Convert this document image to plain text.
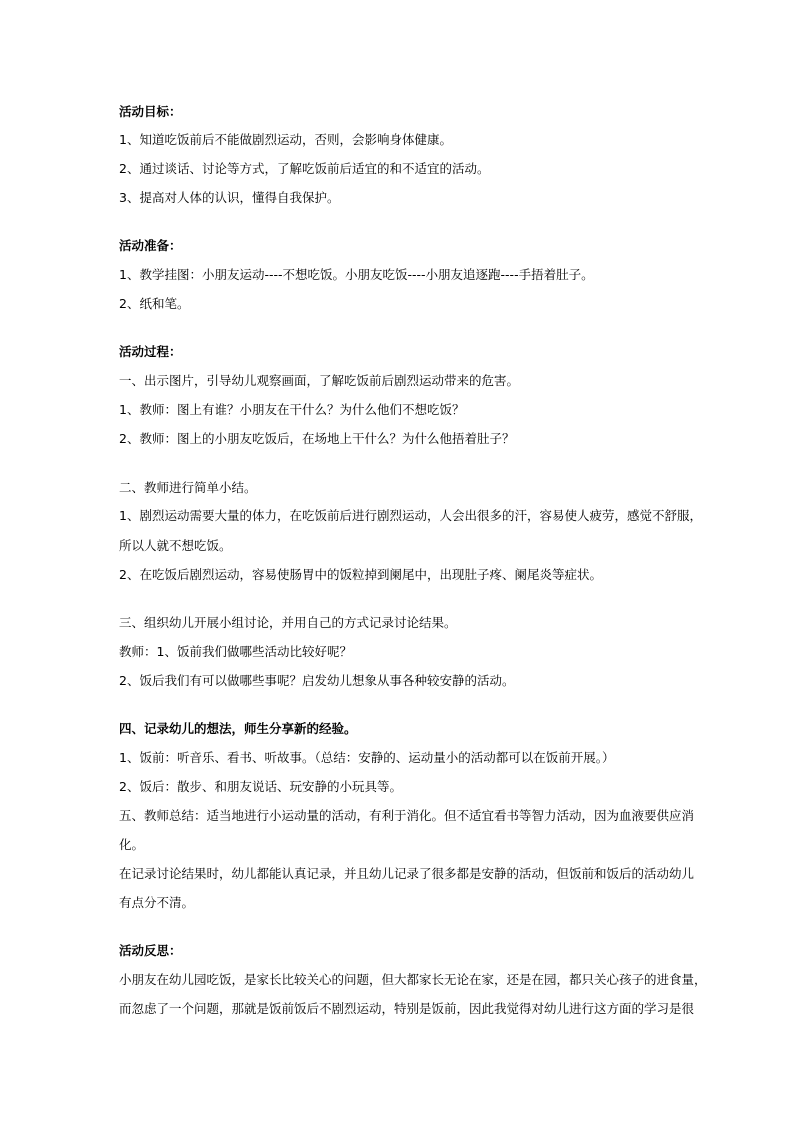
活动目标：
1、知道吃饭前后不能做剧烈运动，否则，会影响身体健康。
2、通过谈话、讨论等方式，了解吃饭前后适宜的和不适宜的活动。
3、提高对人体的认识，懂得自我保护。
活动准备：
1、教学挂图：小朋友运动----不想吃饭。小朋友吃饭----小朋友追逐跑----手捂着肚子。
2、纸和笔。
活动过程：
一、出示图片，引导幼儿观察画面，了解吃饭前后剧烈运动带来的危害。
1、教师：图上有谁？小朋友在干什么？为什么他们不想吃饭？
2、教师：图上的小朋友吃饭后，在场地上干什么？为什么他捂着肚子？
二、教师进行简单小结。
1、剧烈运动需要大量的体力，在吃饭前后进行剧烈运动，人会出很多的汗，容易使人疲劳，感觉不舒服，
所以人就不想吃饭。
2、在吃饭后剧烈运动，容易使肠胃中的饭粒掉到阑尾中，出现肚子疼、阑尾炎等症状。
三、组织幼儿开展小组讨论，并用自己的方式记录讨论结果。
教师：1、饭前我们做哪些活动比较好呢？
2、饭后我们有可以做哪些事呢？启发幼儿想象从事各种较安静的活动。
四、记录幼儿的想法，师生分享新的经验。
1、饭前：听音乐、看书、听故事。（总结：安静的、运动量小的活动都可以在饭前开展。）
2、饭后：散步、和朋友说话、玩安静的小玩具等。
五、教师总结：适当地进行小运动量的活动，有利于消化。但不适宜看书等智力活动，因为血液要供应消
化。
在记录讨论结果时，幼儿都能认真记录，并且幼儿记录了很多都是安静的活动，但饭前和饭后的活动幼儿
有点分不清。
活动反思：
小朋友在幼儿园吃饭，是家长比较关心的问题，但大都家长无论在家，还是在园，都只关心孩子的进食量，
而忽虑了一个问题，那就是饭前饭后不剧烈运动，特别是饭前，因此我觉得对幼儿进行这方面的学习是很
